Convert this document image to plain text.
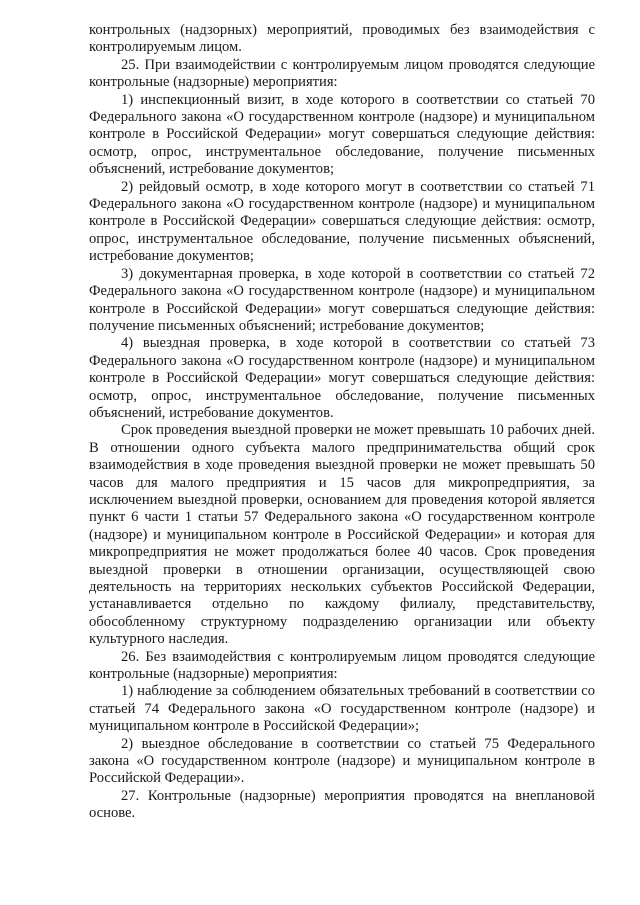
контрольных (надзорных) мероприятий, проводимых без взаимодействия с контролируемым лицом.

25. При взаимодействии с контролируемым лицом проводятся следующие контрольные (надзорные) мероприятия:

1) инспекционный визит, в ходе которого в соответствии со статьей 70 Федерального закона «О государственном контроле (надзоре) и муниципальном контроле в Российской Федерации» могут совершаться следующие действия: осмотр, опрос, инструментальное обследование, получение письменных объяснений, истребование документов;

2) рейдовый осмотр, в ходе которого могут в соответствии со статьей 71 Федерального закона «О государственном контроле (надзоре) и муниципальном контроле в Российской Федерации» совершаться следующие действия: осмотр, опрос, инструментальное обследование, получение письменных объяснений, истребование документов;

3) документарная проверка, в ходе которой в соответствии со статьей 72 Федерального закона «О государственном контроле (надзоре) и муниципальном контроле в Российской Федерации» могут совершаться следующие действия: получение письменных объяснений; истребование документов;

4) выездная проверка, в ходе которой в соответствии со статьей 73 Федерального закона «О государственном контроле (надзоре) и муниципальном контроле в Российской Федерации» могут совершаться следующие действия: осмотр, опрос, инструментальное обследование, получение письменных объяснений, истребование документов.

Срок проведения выездной проверки не может превышать 10 рабочих дней. В отношении одного субъекта малого предпринимательства общий срок взаимодействия в ходе проведения выездной проверки не может превышать 50 часов для малого предприятия и 15 часов для микропредприятия, за исключением выездной проверки, основанием для проведения которой является пункт 6 части 1 статьи 57 Федерального закона «О государственном контроле (надзоре) и муниципальном контроле в Российской Федерации» и которая для микропредприятия не может продолжаться более 40 часов. Срок проведения выездной проверки в отношении организации, осуществляющей свою деятельность на территориях нескольких субъектов Российской Федерации, устанавливается отдельно по каждому филиалу, представительству, обособленному структурному подразделению организации или объекту культурного наследия.

26. Без взаимодействия с контролируемым лицом проводятся следующие контрольные (надзорные) мероприятия:

1) наблюдение за соблюдением обязательных требований в соответствии со статьей 74 Федерального закона «О государственном контроле (надзоре) и муниципальном контроле в Российской Федерации»;

2) выездное обследование в соответствии со статьей 75 Федерального закона «О государственном контроле (надзоре) и муниципальном контроле в Российской Федерации».

27. Контрольные (надзорные) мероприятия проводятся на внеплановой основе.
